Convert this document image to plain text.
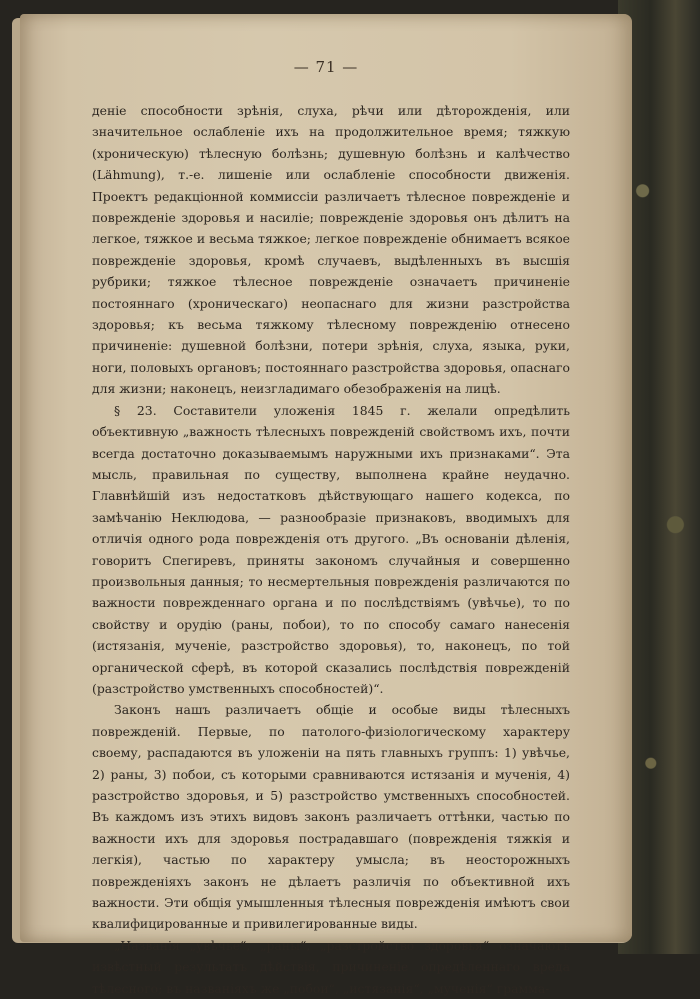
— 71 —

деніе способности зрѣнія, слуха, рѣчи или дѣторожденія, или значительное ослабленіе ихъ на продолжительное время; тяжкую (хроническую) тѣлесную болѣзнь; душевную болѣзнь и калѣчество (Lähmung), т.-е. лишеніе или ослабленіе способности движенія. Проектъ редакціонной коммиссіи различаетъ тѣлесное поврежденіе и поврежденіе здоровья и насиліе; поврежденіе здоровья онъ дѣлитъ на легкое, тяжкое и весьма тяжкое; легкое поврежденіе обнимаетъ всякое поврежденіе здоровья, кромѣ случаевъ, выдѣленныхъ въ высшія рубрики; тяжкое тѣлесное поврежденіе означаетъ причиненіе постояннаго (хроническаго) неопаснаго для жизни разстройства здоровья; къ весьма тяжкому тѣлесному поврежденію отнесено причиненіе: душевной болѣзни, потери зрѣнія, слуха, языка, руки, ноги, половыхъ органовъ; постояннаго разстройства здоровья, опаснаго для жизни; наконецъ, неизгладимаго обезображенія на лицѣ.

§ 23. Составители уложенія 1845 г. желали опредѣлить объективную „важность тѣлесныхъ поврежденій свойствомъ ихъ, почти всегда достаточно доказываемымъ наружными ихъ признаками“. Эта мысль, правильная по существу, выполнена крайне неудачно. Главнѣйшій изъ недостатковъ дѣйствующаго нашего кодекса, по замѣчанію Неклюдова, — разнообразіе признаковъ, вводимыхъ для отличія одного рода поврежденія отъ другого. „Въ основаніи дѣленія, говоритъ Спегиревъ, приняты закономъ случайныя и совершенно произвольныя данныя; то несмертельныя поврежденія различаются по важности поврежденнаго органа и по послѣдствіямъ (увѣчье), то по свойству и орудію (раны, побои), то по способу самаго нанесенія (истязанія, мученіе, разстройство здоровья), то, наконецъ, по той органической сферѣ, въ которой сказались послѣдствія поврежденій (разстройство умственныхъ способностей)“.

Законъ нашъ различаетъ общіе и особые виды тѣлесныхъ поврежденій. Первые, по патолого-физіологическому характеру своему, распадаются въ уложеніи на пять главныхъ группъ: 1) увѣчье, 2) раны, 3) побои, съ которыми сравниваются истязанія и мученія, 4) разстройство здоровья, и 5) разстройство умственныхъ способностей. Въ каждомъ изъ этихъ видовъ законъ различаетъ оттѣнки, частью по важности ихъ для здоровья пострадавшаго (поврежденія тяжкія и легкія), частью по характеру умысла; въ неосторожныхъ поврежденіяхъ законъ не дѣлаетъ различія по объективной ихъ важности. Эти общія умышленныя тѣлесныя поврежденія имѣютъ свои квалифицированные и привилегированные виды.

„Названія „увѣчье“, „раны“, „разстройство здоровья“ означаютъ извѣстный результатъ дѣйствія, причиненіе опредѣленнаго вреда тѣлесного; въ названіяхъ же „побои“, „истязанія“, „мученія“ грамма-
